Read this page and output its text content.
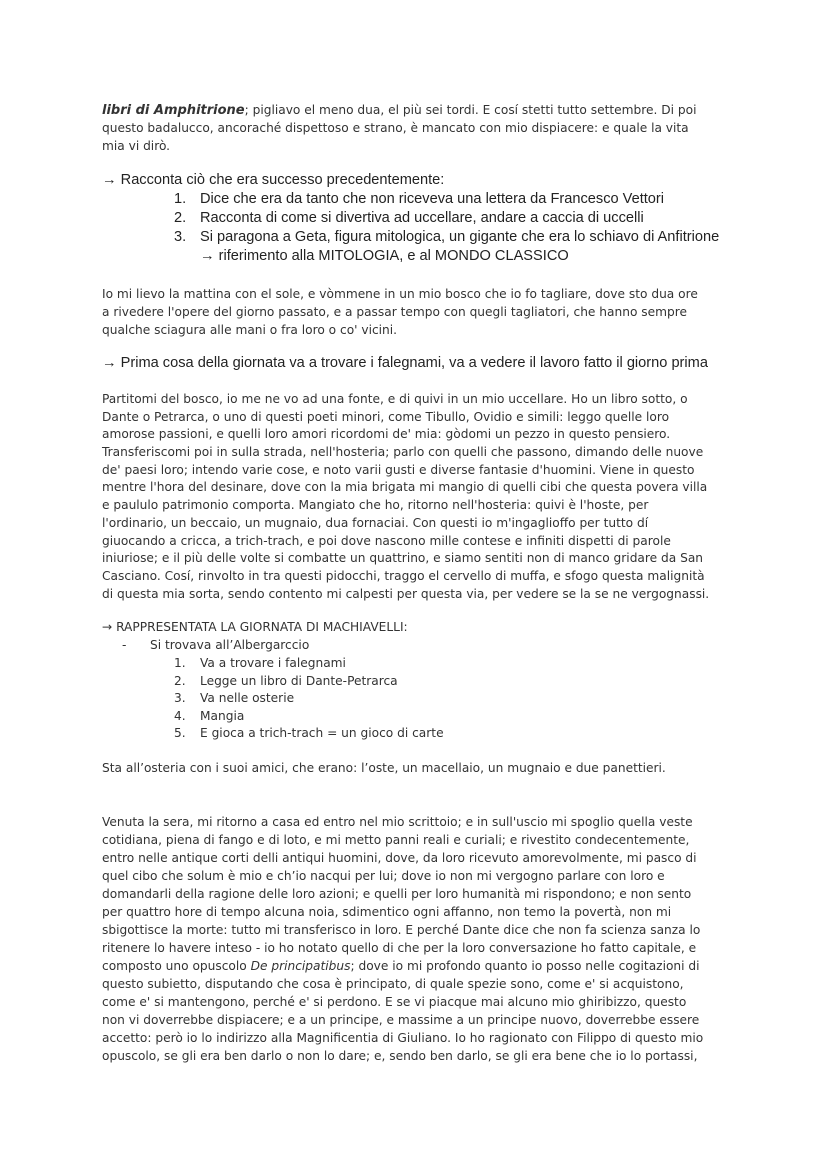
libri di Amphitrione; pigliavo el meno dua, el più sei tordi. E cosí stetti tutto settembre. Di poi
questo badalucco, ancoraché dispettoso e strano, è mancato con mio dispiacere: e quale la vita
mia vi dirò.
→ Racconta ciò che era successo precedentemente:
1. Dice che era da tanto che non riceveva una lettera da Francesco Vettori
2. Racconta di come si divertiva ad uccellare, andare a caccia di uccelli
3. Si paragona a Geta, figura mitologica, un gigante che era lo schiavo di Anfitrione
→ riferimento alla MITOLOGIA, e al MONDO CLASSICO
Io mi lievo la mattina con el sole, e vòmmene in un mio bosco che io fo tagliare, dove sto dua ore
a rivedere l'opere del giorno passato, e a passar tempo con quegli tagliatori, che hanno sempre
qualche sciagura alle mani o fra loro o co' vicini.
→ Prima cosa della giornata va a trovare i falegnami, va a vedere il lavoro fatto il giorno prima
Partitomi del bosco, io me ne vo ad una fonte, e di quivi in un mio uccellare. Ho un libro sotto, o
Dante o Petrarca, o uno di questi poeti minori, come Tibullo, Ovidio e simili: leggo quelle loro
amorose passioni, e quelli loro amori ricordomi de' mia: gòdomi un pezzo in questo pensiero.
Transferiscomi poi in sulla strada, nell'hosteria; parlo con quelli che passono, dimando delle nuove
de' paesi loro; intendo varie cose, e noto varii gusti e diverse fantasie d'huomini. Viene in questo
mentre l'hora del desinare, dove con la mia brigata mi mangio di quelli cibi che questa povera villa
e paululo patrimonio comporta. Mangiato che ho, ritorno nell'hosteria: quivi è l'hoste, per
l'ordinario, un beccaio, un mugnaio, dua fornaciai. Con questi io m'ingaglioffo per tutto dí
giuocando a cricca, a trich-trach, e poi dove nascono mille contese e infiniti dispetti di parole
iniuriose; e il più delle volte si combatte un quattrino, e siamo sentiti non di manco gridare da San
Casciano. Cosí, rinvolto in tra questi pidocchi, traggo el cervello di muffa, e sfogo questa malignità
di questa mia sorta, sendo contento mi calpesti per questa via, per vedere se la se ne vergognassi.
→ RAPPRESENTATA LA GIORNATA DI MACHIAVELLI:
-	Si trovava all’Albergarccio
1.	Va a trovare i falegnami
2.	Legge un libro di Dante-Petrarca
3.	Va nelle osterie
4.	Mangia
5.	E gioca a trich-trach = un gioco di carte
Sta all’osteria con i suoi amici, che erano: l’oste, un macellaio, un mugnaio e due panettieri.
Venuta la sera, mi ritorno a casa ed entro nel mio scrittoio; e in sull'uscio mi spoglio quella veste
cotidiana, piena di fango e di loto, e mi metto panni reali e curiali; e rivestito condecentemente,
entro nelle antique corti delli antiqui huomini, dove, da loro ricevuto amorevolmente, mi pasco di
quel cibo che solum è mio e ch’io nacqui per lui; dove io non mi vergogno parlare con loro e
domandarli della ragione delle loro azioni; e quelli per loro humanità mi rispondono; e non sento
per quattro hore di tempo alcuna noia, sdimentico ogni affanno, non temo la povertà, non mi
sbigottisce la morte: tutto mi transferisco in loro. E perché Dante dice che non fa scienza sanza lo
ritenere lo havere inteso - io ho notato quello di che per la loro conversazione ho fatto capitale, e
composto uno opuscolo De principatibus; dove io mi profondo quanto io posso nelle cogitazioni di
questo subietto, disputando che cosa è principato, di quale spezie sono, come e' si acquistono,
come e' si mantengono, perché e' si perdono. E se vi piacque mai alcuno mio ghiribizzo, questo
non vi doverrebbe dispiacere; e a un principe, e massime a un principe nuovo, doverrebbe essere
accetto: però io lo indirizzo alla Magnificentia di Giuliano. Io ho ragionato con Filippo di questo mio
opuscolo, se gli era ben darlo o non lo dare; e, sendo ben darlo, se gli era bene che io lo portassi,
